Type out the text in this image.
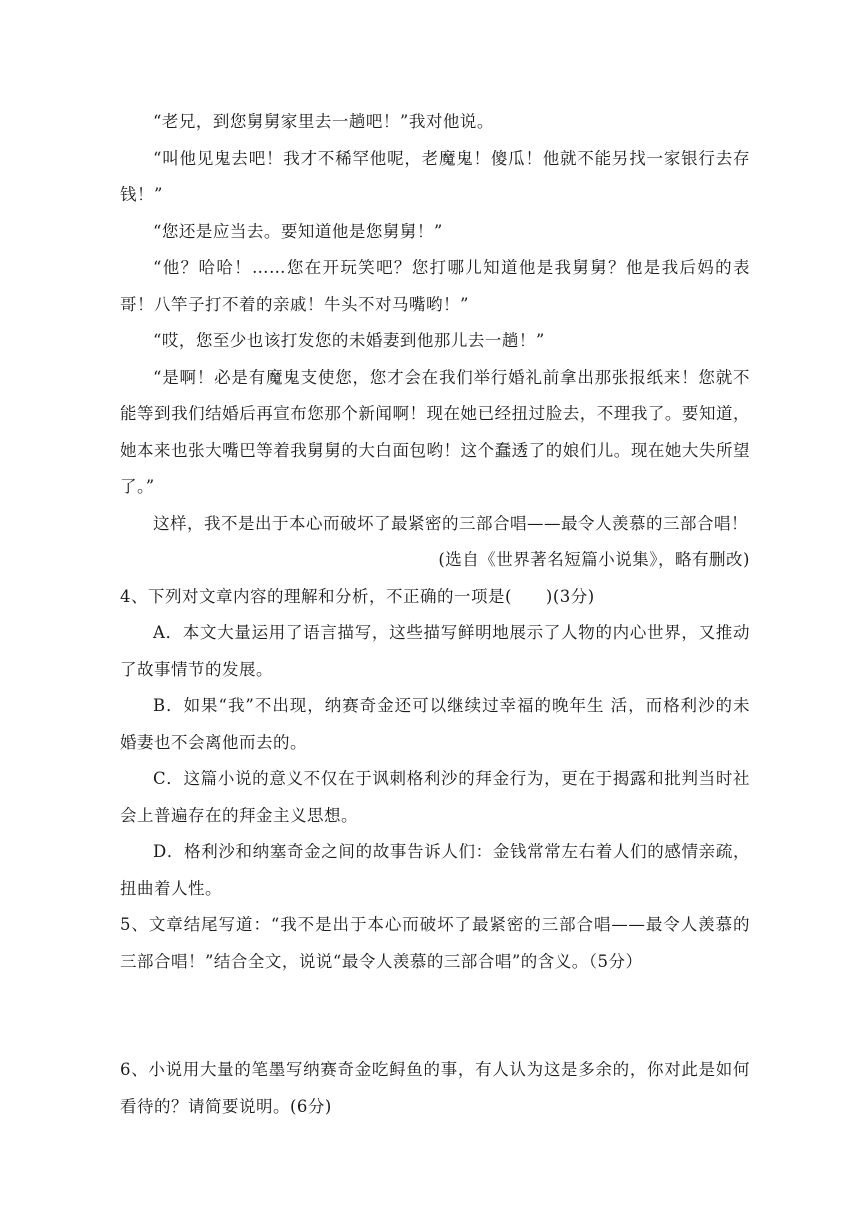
“老兄，到您舅舅家里去一趟吧！”我对他说。

“叫他见鬼去吧！我才不稀罕他呢，老魔鬼！傻瓜！他就不能另找一家银行去存钱！”

“您还是应当去。要知道他是您舅舅！”

“他？哈哈！……您在开玩笑吧？您打哪儿知道他是我舅舅？他是我后妈的表哥！八竿子打不着的亲戚！牛头不对马嘴哟！”

“哎，您至少也该打发您的未婚妻到他那儿去一趟！”

“是啊！必是有魔鬼支使您，您才会在我们举行婚礼前拿出那张报纸来！您就不能等到我们结婚后再宣布您那个新闻啊！现在她已经扭过脸去，不理我了。要知道，她本来也张大嘴巴等着我舅舅的大白面包哟！这个蠢透了的娘们儿。现在她大失所望了。”

这样，我不是出于本心而破坏了最紧密的三部合唱——最令人羡慕的三部合唱！

(选自《世界著名短篇小说集》，略有删改)

4、下列对文章内容的理解和分析，不正确的一项是(　　)(3分)

A．本文大量运用了语言描写，这些描写鲜明地展示了人物的内心世界，又推动了故事情节的发展。

B．如果“我”不出现，纳赛奇金还可以继续过幸福的晚年生 活，而格利沙的未婚妻也不会离他而去的。

C．这篇小说的意义不仅在于讽刺格利沙的拜金行为，更在于揭露和批判当时社会上普遍存在的拜金主义思想。

D．格利沙和纳塞奇金之间的故事告诉人们：金钱常常左右着人们的感情亲疏，扭曲着人性。

5、文章结尾写道：“我不是出于本心而破坏了最紧密的三部合唱——最令人羡慕的三部合唱！”结合全文，说说“最令人羡慕的三部合唱”的含义。（5分）

6、小说用大量的笔墨写纳赛奇金吃鲟鱼的事，有人认为这是多余的，你对此是如何看待的？请简要说明。(6分)
